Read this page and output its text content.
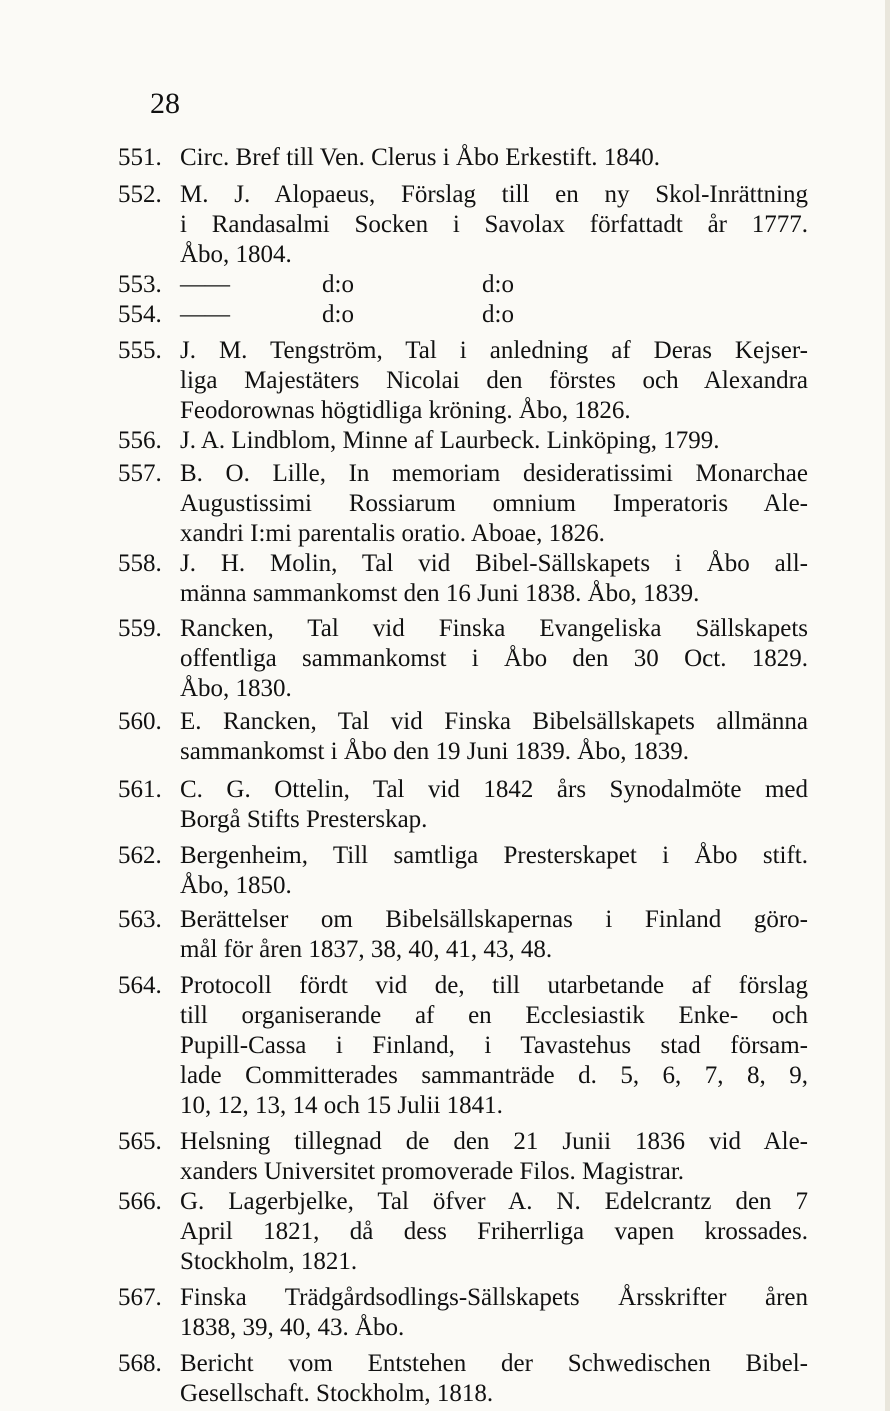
28
551. Circ. Bref till Ven. Clerus i Åbo Erkestift. 1840.
552. M. J. Alopaeus, Förslag till en ny Skol-Inrättning
i Randasalmi Socken i Savolax författadt år 1777.
Åbo, 1804.
553. ——	d:o	d:o
554. ——	d:o	d:o
555. J. M. Tengström, Tal i anledning af Deras Kejser-
liga Majestäters Nicolai den förstes och Alexandra
Feodorownas högtidliga kröning. Åbo, 1826.
556. J. A. Lindblom, Minne af Laurbeck. Linköping, 1799.
557. B. O. Lille, In memoriam desideratissimi Monarchae
Augustissimi Rossiarum omnium Imperatoris Ale-
xandri I:mi parentalis oratio. Aboae, 1826.
558. J. H. Molin, Tal vid Bibel-Sällskapets i Åbo all-
männa sammankomst den 16 Juni 1838. Åbo, 1839.
559. Rancken, Tal vid Finska Evangeliska Sällskapets
offentliga sammankomst i Åbo den 30 Oct. 1829.
Åbo, 1830.
560. E. Rancken, Tal vid Finska Bibelsällskapets allmänna
sammankomst i Åbo den 19 Juni 1839. Åbo, 1839.
561. C. G. Ottelin, Tal vid 1842 års Synodalmöte med
Borgå Stifts Presterskap.
562. Bergenheim, Till samtliga Presterskapet i Åbo stift.
Åbo, 1850.
563. Berättelser om Bibelsällskapernas i Finland göro-
mål för åren 1837, 38, 40, 41, 43, 48.
564. Protocoll fördt vid de, till utarbetande af förslag
till organiserande af en Ecclesiastik Enke- och
Pupill-Cassa i Finland, i Tavastehus stad försam-
lade Committerades sammanträde d. 5, 6, 7, 8, 9,
10, 12, 13, 14 och 15 Julii 1841.
565. Helsning tillegnad de den 21 Junii 1836 vid Ale-
xanders Universitet promoverade Filos. Magistrar.
566. G. Lagerbjelke, Tal öfver A. N. Edelcrantz den 7
April 1821, då dess Friherrliga vapen krossades.
Stockholm, 1821.
567. Finska Trädgårdsodlings-Sällskapets Årsskrifter åren
1838, 39, 40, 43. Åbo.
568. Bericht vom Entstehen der Schwedischen Bibel-
Gesellschaft. Stockholm, 1818.
